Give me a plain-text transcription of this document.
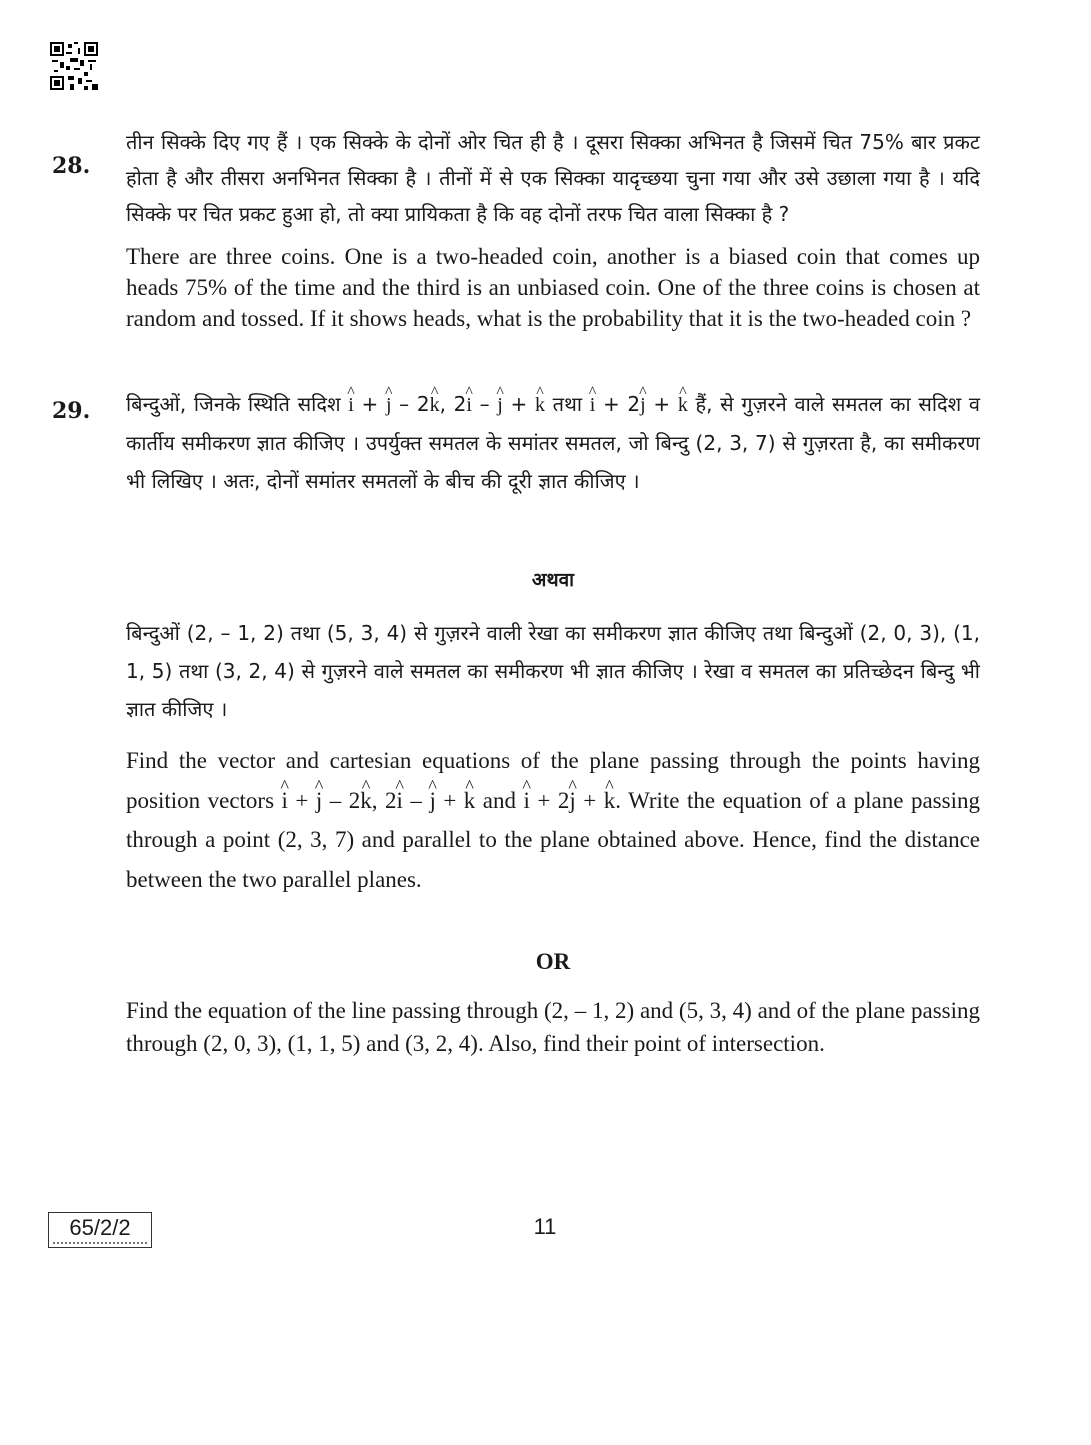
28.

तीन सिक्के दिए गए हैं । एक सिक्के के दोनों ओर चित ही है । दूसरा सिक्का अभिनत है जिसमें चित 75% बार प्रकट होता है और तीसरा अनभिनत सिक्का है । तीनों में से एक सिक्का यादृच्छया चुना गया और उसे उछाला गया है । यदि सिक्के पर चित प्रकट हुआ हो, तो क्या प्रायिकता है कि वह दोनों तरफ चित वाला सिक्का है ?

There are three coins. One is a two-headed coin, another is a biased coin that comes up heads 75% of the time and the third is an unbiased coin. One of the three coins is chosen at random and tossed. If it shows heads, what is the probability that it is the two-headed coin ?

29. बिन्दुओं, जिनके स्थिति सदिश ^ i + ^ j – 2^ k, 2^ i – ^ j + ^ k तथा ^ i + 2^ j + ^ k हैं, से गुज़रने वाले समतल का सदिश व कार्तीय समीकरण ज्ञात कीजिए । उपर्युक्त समतल के समांतर समतल, जो बिन्दु (2, 3, 7) से गुज़रता है, का समीकरण भी लिखिए । अतः, दोनों समांतर समतलों के बीच की दूरी ज्ञात कीजिए ।

अथवा

बिन्दुओं (2, – 1, 2) तथा (5, 3, 4) से गुज़रने वाली रेखा का समीकरण ज्ञात कीजिए तथा बिन्दुओं (2, 0, 3), (1, 1, 5) तथा (3, 2, 4) से गुज़रने वाले समतल का समीकरण भी ज्ञात कीजिए । रेखा व समतल का प्रतिच्छेदन बिन्दु भी ज्ञात कीजिए ।

Find the vector and cartesian equations of the plane passing through the points having position vectors ^ i + ^ j – 2^ k, 2^ i – ^ j + ^ k and ^ i + 2^ j + ^ k. Write the equation of a plane passing through a point (2, 3, 7) and parallel to the plane obtained above. Hence, find the distance between the two parallel planes.

OR

Find the equation of the line passing through (2, – 1, 2) and (5, 3, 4) and of the plane passing through (2, 0, 3), (1, 1, 5) and (3, 2, 4). Also, find their point of intersection.

65/2/2	11
